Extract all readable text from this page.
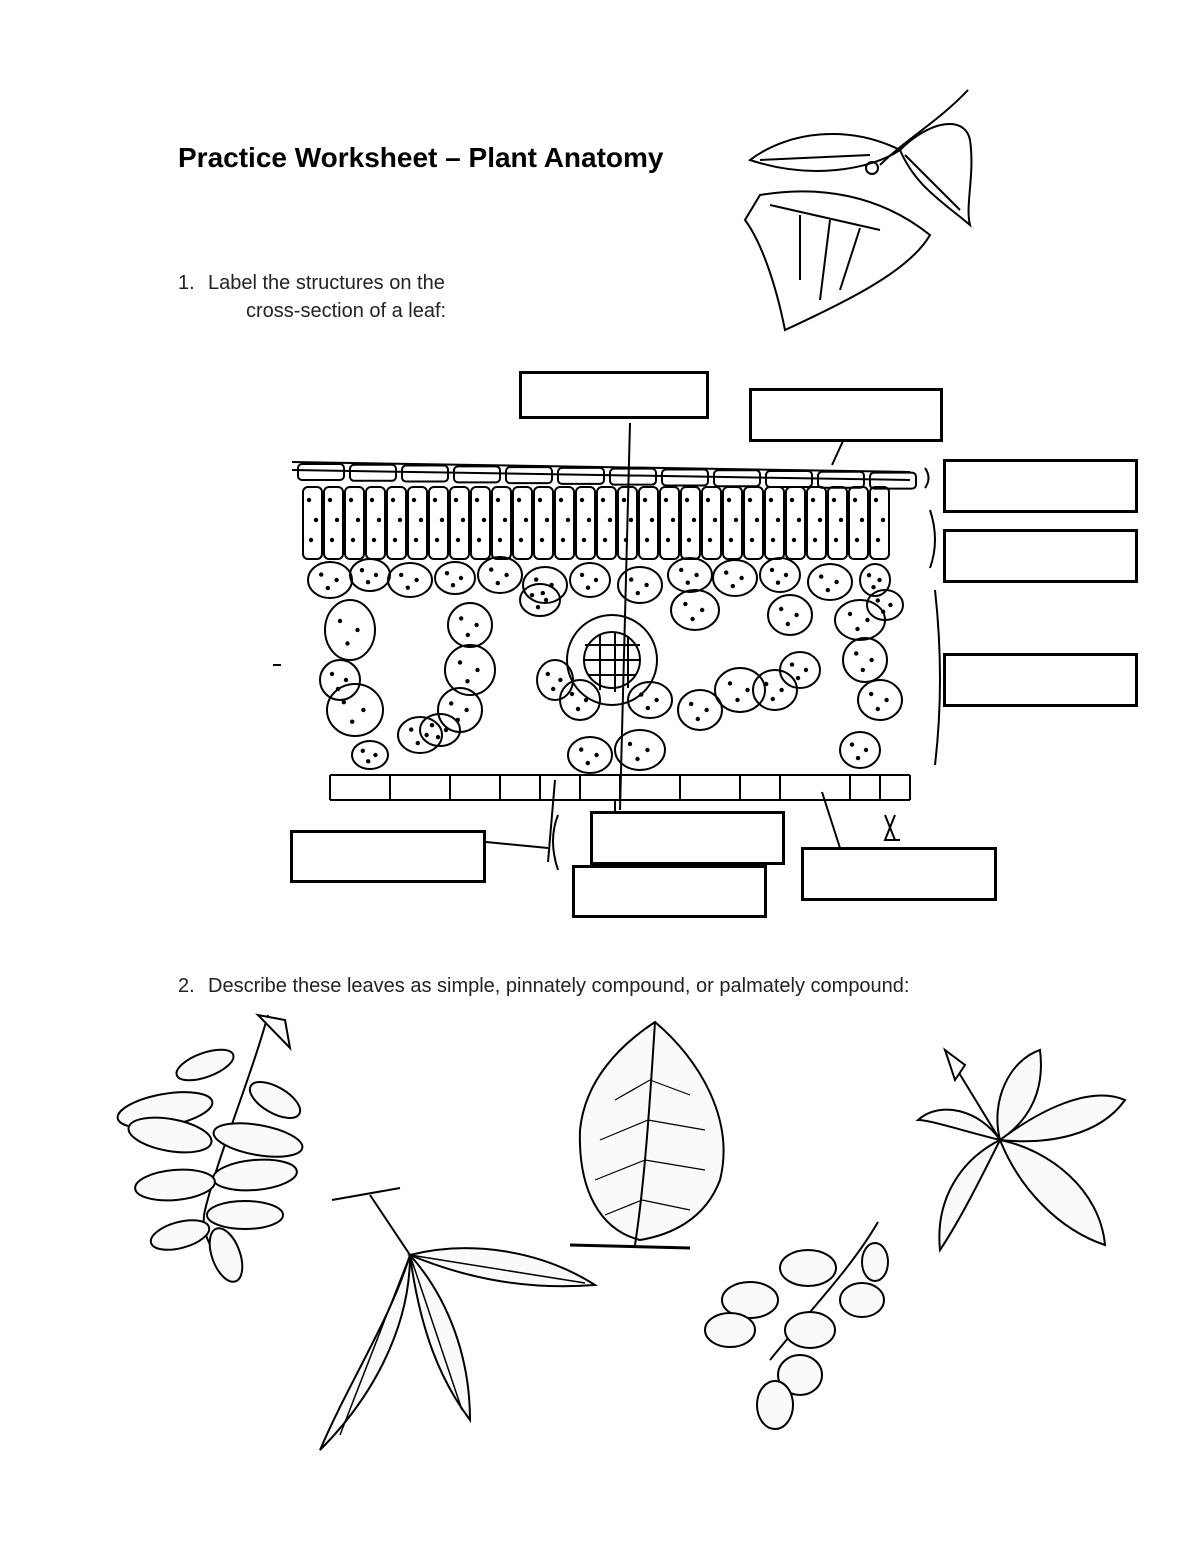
Practice Worksheet – Plant Anatomy
1. Label the structures on the
cross-section of a leaf:
2. Describe these leaves as simple, pinnately compound, or palmately compound:
